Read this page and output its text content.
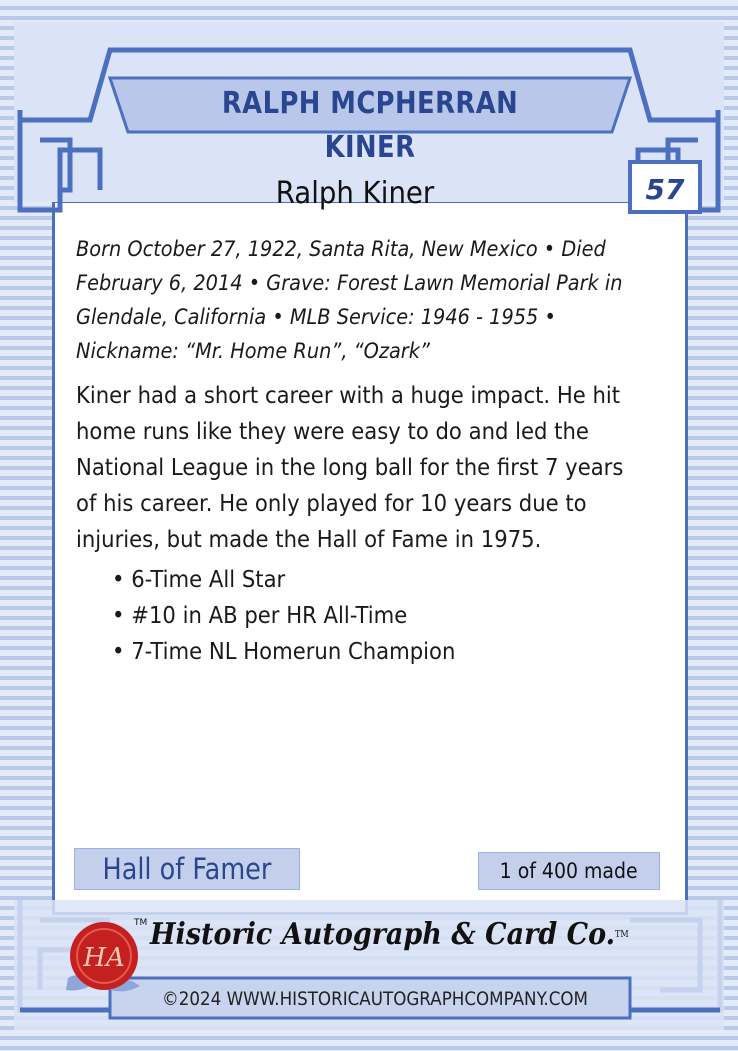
RALPH MCPHERRAN KINER
Ralph Kiner	57
Born October 27, 1922, Santa Rita, New Mexico • Died February 6, 2014 • Grave: Forest Lawn Memorial Park in Glendale, California • MLB Service: 1946 - 1955 • Nickname: “Mr. Home Run”, “Ozark”
Kiner had a short career with a huge impact. He hit home runs like they were easy to do and led the National League in the long ball for the first 7 years of his career. He only played for 10 years due to injuries, but made the Hall of Fame in 1975.
• 6-Time All Star
• #10 in AB per HR All-Time
• 7-Time NL Homerun Champion
Hall of Famer	1 of 400 made
HA
TM Historic Autograph & Card Co.™
©2024 WWW.HISTORICAUTOGRAPHCOMPANY.COM
